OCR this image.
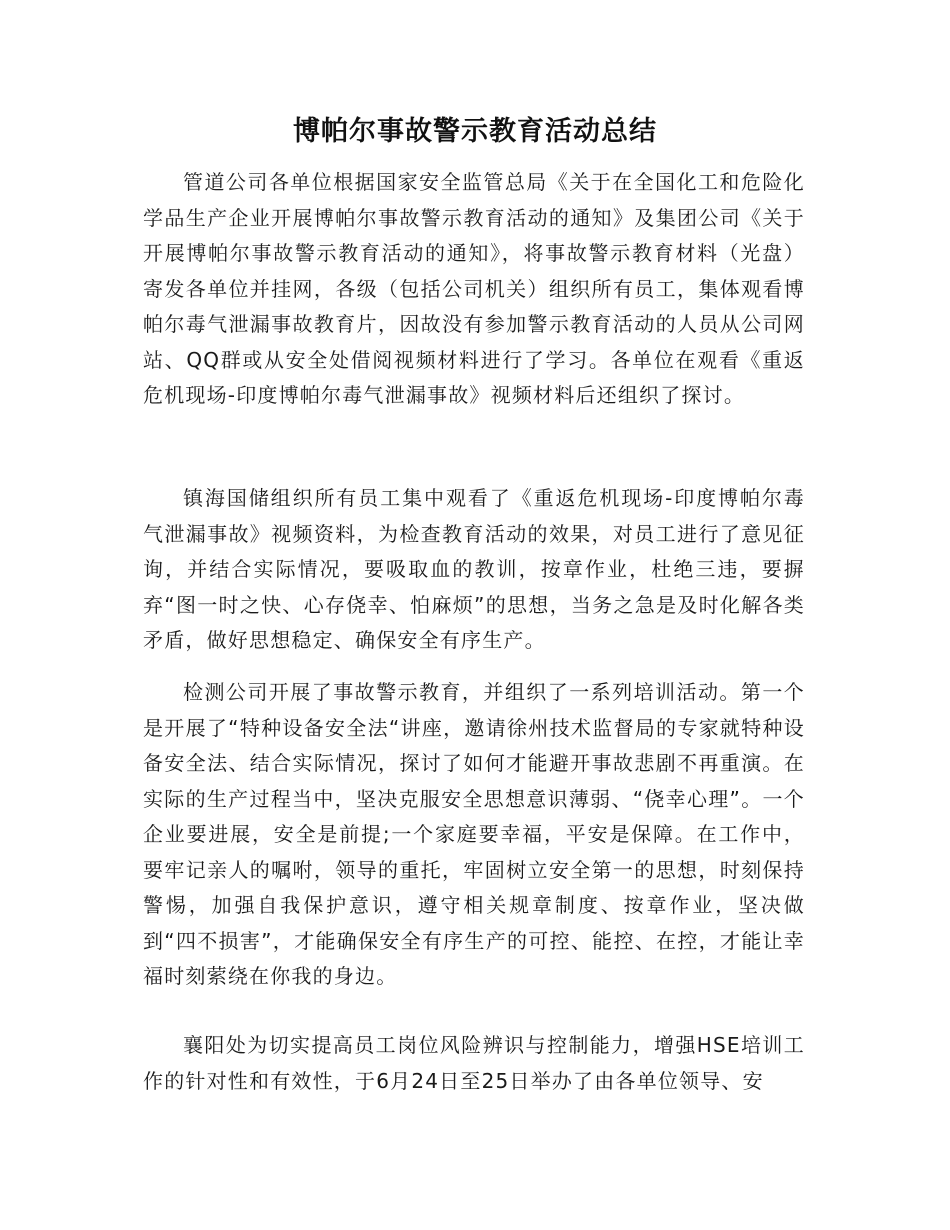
博帕尔事故警示教育活动总结

管道公司各单位根据国家安全监管总局《关于在全国化工和危险化学品生产企业开展博帕尔事故警示教育活动的通知》及集团公司《关于开展博帕尔事故警示教育活动的通知》，将事故警示教育材料（光盘）寄发各单位并挂网，各级（包括公司机关）组织所有员工，集体观看博帕尔毒气泄漏事故教育片，因故没有参加警示教育活动的人员从公司网站、QQ群或从安全处借阅视频材料进行了学习。各单位在观看《重返危机现场-印度博帕尔毒气泄漏事故》视频材料后还组织了探讨。

镇海国储组织所有员工集中观看了《重返危机现场-印度博帕尔毒气泄漏事故》视频资料，为检查教育活动的效果，对员工进行了意见征询，并结合实际情况，要吸取血的教训，按章作业，杜绝三违，要摒弃“图一时之快、心存侥幸、怕麻烦”的思想，当务之急是及时化解各类矛盾，做好思想稳定、确保安全有序生产。

检测公司开展了事故警示教育，并组织了一系列培训活动。第一个是开展了“特种设备安全法“讲座，邀请徐州技术监督局的专家就特种设备安全法、结合实际情况，探讨了如何才能避开事故悲剧不再重演。在实际的生产过程当中，坚决克服安全思想意识薄弱、“侥幸心理”。一个企业要进展，安全是前提;一个家庭要幸福，平安是保障。在工作中，要牢记亲人的嘱咐，领导的重托，牢固树立安全第一的思想，时刻保持警惕，加强自我保护意识，遵守相关规章制度、按章作业，坚决做到“四不损害”，才能确保安全有序生产的可控、能控、在控，才能让幸福时刻萦绕在你我的身边。

襄阳处为切实提高员工岗位风险辨识与控制能力，增强HSE培训工作的针对性和有效性，于6月24日至25日举办了由各单位领导、安
